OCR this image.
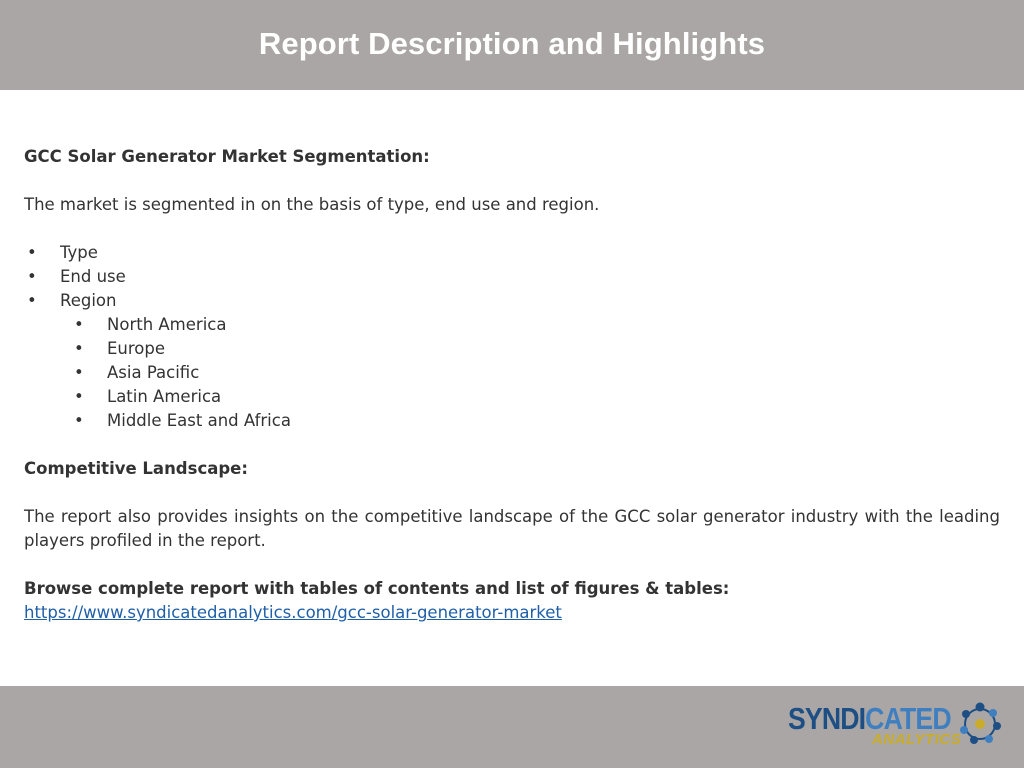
Report Description and Highlights

GCC Solar Generator Market Segmentation:

The market is segmented in on the basis of type, end use and region.

• Type
• End use
• Region
• North America
• Europe
• Asia Pacific
• Latin America
• Middle East and Africa

Competitive Landscape:

The report also provides insights on the competitive landscape of the GCC solar generator industry with the leading players profiled in the report.

Browse complete report with tables of contents and list of figures & tables:

https://www.syndicatedanalytics.com/gcc-solar-generator-market

SYNDICATED
ANALYTICS
